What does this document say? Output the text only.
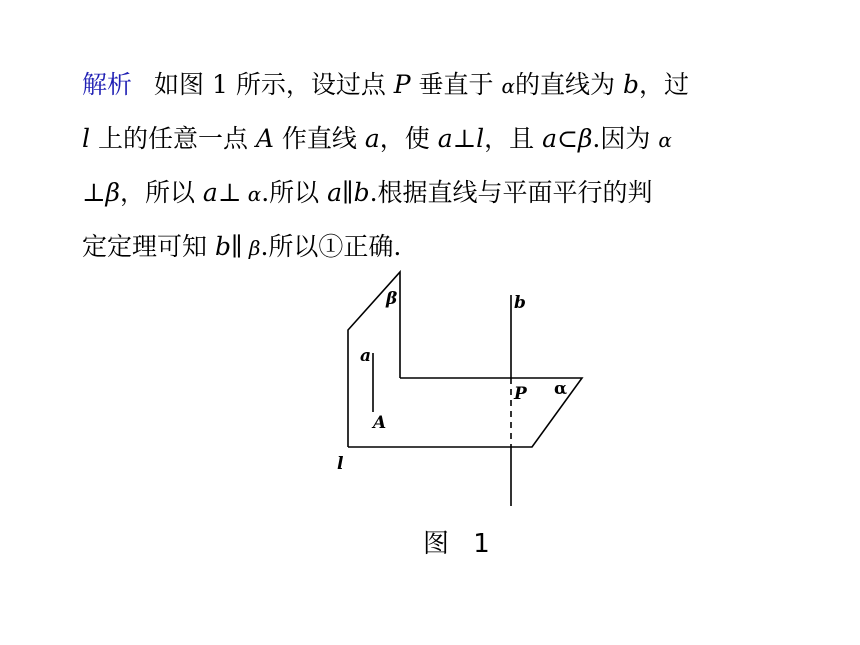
解析 如图 1 所示，设过点 P 垂直于 α的直线为 b，过
l 上的任意一点 A 作直线 a，使 a⊥l，且 a⊂β.因为 α
⊥β，所以 a⊥ α.所以 a∥b.根据直线与平面平行的判
定定理可知 b∥ β.所以①正确.
β	b
a
P α
A
l
图 1
